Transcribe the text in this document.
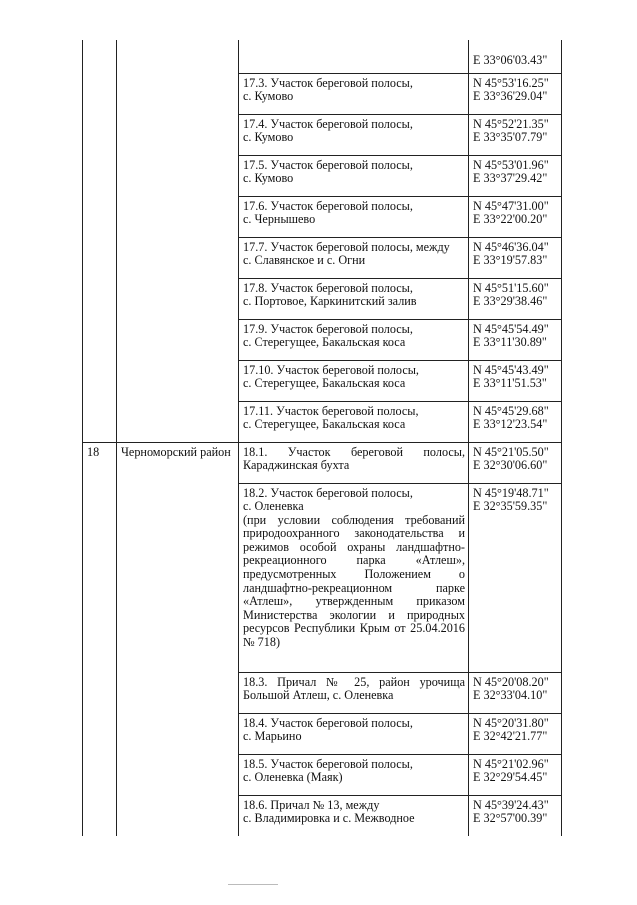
			E 33°06'03.43"

		17.3. Участок береговой полосы,
с. Кумово	N 45°53'16.25"
E 33°36'29.04"

		17.4. Участок береговой полосы,
с. Кумово	N 45°52'21.35"
E 33°35'07.79"

		17.5. Участок береговой полосы,
с. Кумово	N 45°53'01.96"
E 33°37'29.42"

		17.6. Участок береговой полосы,
с. Чернышево	N 45°47'31.00"
E 33°22'00.20"

		17.7. Участок береговой полосы, между
с. Славянское и с. Огни	N 45°46'36.04"
E 33°19'57.83"

		17.8. Участок береговой полосы,
с. Портовое, Каркинитский залив	N 45°51'15.60"
E 33°29'38.46"

		17.9. Участок береговой полосы,
с. Стерегущее, Бакальская коса	N 45°45'54.49"
E 33°11'30.89"

		17.10. Участок береговой полосы,
с. Стерегущее, Бакальская коса	N 45°45'43.49"
E 33°11'51.53"

		17.11. Участок береговой полосы,
с. Стерегущее, Бакальская коса	N 45°45'29.68"
E 33°12'23.54"

18	Черноморский район	18.1. Участок береговой полосы,
Караджинская бухта	N 45°21'05.50"
E 32°30'06.60"

		18.2. Участок береговой полосы,
с. Оленевка
(при условии соблюдения требований природоохранного законодательства и режимов особой охраны ландшафтно-рекреационного парка «Атлеш», предусмотренных Положением о ландшафтно-рекреационном парке «Атлеш», утвержденным приказом Министерства экологии и природных ресурсов Республики Крым от 25.04.2016 № 718)	N 45°19'48.71"
E 32°35'59.35"

		18.3. Причал № 25, район урочища
Большой Атлеш, с. Оленевка	N 45°20'08.20"
E 32°33'04.10"

		18.4. Участок береговой полосы,
с. Марьино	N 45°20'31.80"
E 32°42'21.77"

		18.5. Участок береговой полосы,
с. Оленевка (Маяк)	N 45°21'02.96"
E 32°29'54.45"

		18.6. Причал № 13, между
с. Владимировка и с. Межводное	N 45°39'24.43"
E 32°57'00.39"
